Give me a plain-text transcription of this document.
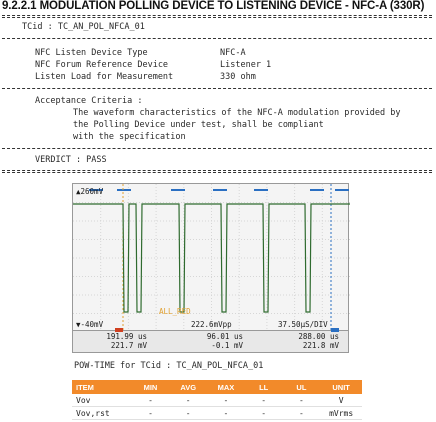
9.2.2.1 MODULATION POLLING DEVICE TO LISTENING DEVICE - NFC-A (330R)
TCid : TC_AN_POL_NFCA_01
NFC Listen Device Type	NFC-A
NFC Forum Reference Device	Listener 1
Listen Load for Measurement	330 ohm
Acceptance Criteria :
The waveform characteristics of the NFC-A modulation provided by
the Polling Device under test, shall be compliant
with the specification
VERDICT : PASS
▲260mV
▼-40mV	222.6mVpp	37.50µS/DIV
ALL_RED
191.99 us
221.7 mV
96.01 us
-0.1 mV
288.00 us
221.8 mV
POW-TIME for TCid : TC_AN_POL_NFCA_01
ITEM	MIN	AVG	MAX	LL	UL	UNIT
Vov	-	-	-	-	-	V
Vov,rst	-	-	-	-	-	mVrms
